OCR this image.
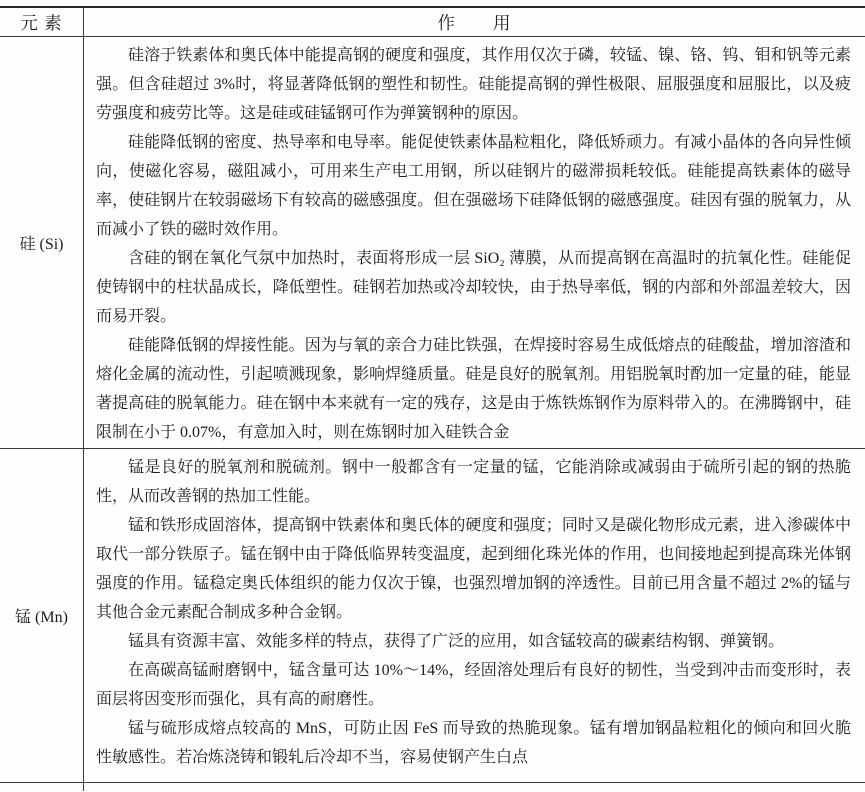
元 素	作　　用
硅 (Si)

硅溶于铁素体和奥氏体中能提高钢的硬度和强度，其作用仅次于磷，较锰、镍、铬、钨、钼和钒等元素强。但含硅超过 3%时，将显著降低钢的塑性和韧性。硅能提高钢的弹性极限、屈服强度和屈服比，以及疲劳强度和疲劳比等。这是硅或硅锰钢可作为弹簧钢种的原因。

硅能降低钢的密度、热导率和电导率。能促使铁素体晶粒粗化，降低矫顽力。有减小晶体的各向异性倾向，使磁化容易，磁阻减小，可用来生产电工用钢，所以硅钢片的磁滞损耗较低。硅能提高铁素体的磁导率，使硅钢片在较弱磁场下有较高的磁感强度。但在强磁场下硅降低钢的磁感强度。硅因有强的脱氧力，从而减小了铁的磁时效作用。

含硅的钢在氧化气氛中加热时，表面将形成一层 SiO₂ 薄膜，从而提高钢在高温时的抗氧化性。硅能促使铸钢中的柱状晶成长，降低塑性。硅钢若加热或冷却较快，由于热导率低，钢的内部和外部温差较大，因而易开裂。

硅能降低钢的焊接性能。因为与氧的亲合力硅比铁强，在焊接时容易生成低熔点的硅酸盐，增加溶渣和熔化金属的流动性，引起喷溅现象，影响焊缝质量。硅是良好的脱氧剂。用铝脱氧时酌加一定量的硅，能显著提高硅的脱氧能力。硅在钢中本来就有一定的残存，这是由于炼铁炼钢作为原料带入的。在沸腾钢中，硅限制在小于 0.07%，有意加入时，则在炼钢时加入硅铁合金

锰 (Mn)

锰是良好的脱氧剂和脱硫剂。钢中一般都含有一定量的锰，它能消除或减弱由于硫所引起的钢的热脆性，从而改善钢的热加工性能。

锰和铁形成固溶体，提高钢中铁素体和奥氏体的硬度和强度；同时又是碳化物形成元素，进入渗碳体中取代一部分铁原子。锰在钢中由于降低临界转变温度，起到细化珠光体的作用，也间接地起到提高珠光体钢强度的作用。锰稳定奥氏体组织的能力仅次于镍，也强烈增加钢的淬透性。目前已用含量不超过 2%的锰与其他合金元素配合制成多种合金钢。

锰具有资源丰富、效能多样的特点，获得了广泛的应用，如含锰较高的碳素结构钢、弹簧钢。

在高碳高锰耐磨钢中，锰含量可达 10%～14%，经固溶处理后有良好的韧性，当受到冲击而变形时，表面层将因变形而强化，具有高的耐磨性。

锰与硫形成熔点较高的 MnS，可防止因 FeS 而导致的热脆现象。锰有增加钢晶粒粗化的倾向和回火脆性敏感性。若冶炼浇铸和锻轧后冷却不当，容易使钢产生白点
